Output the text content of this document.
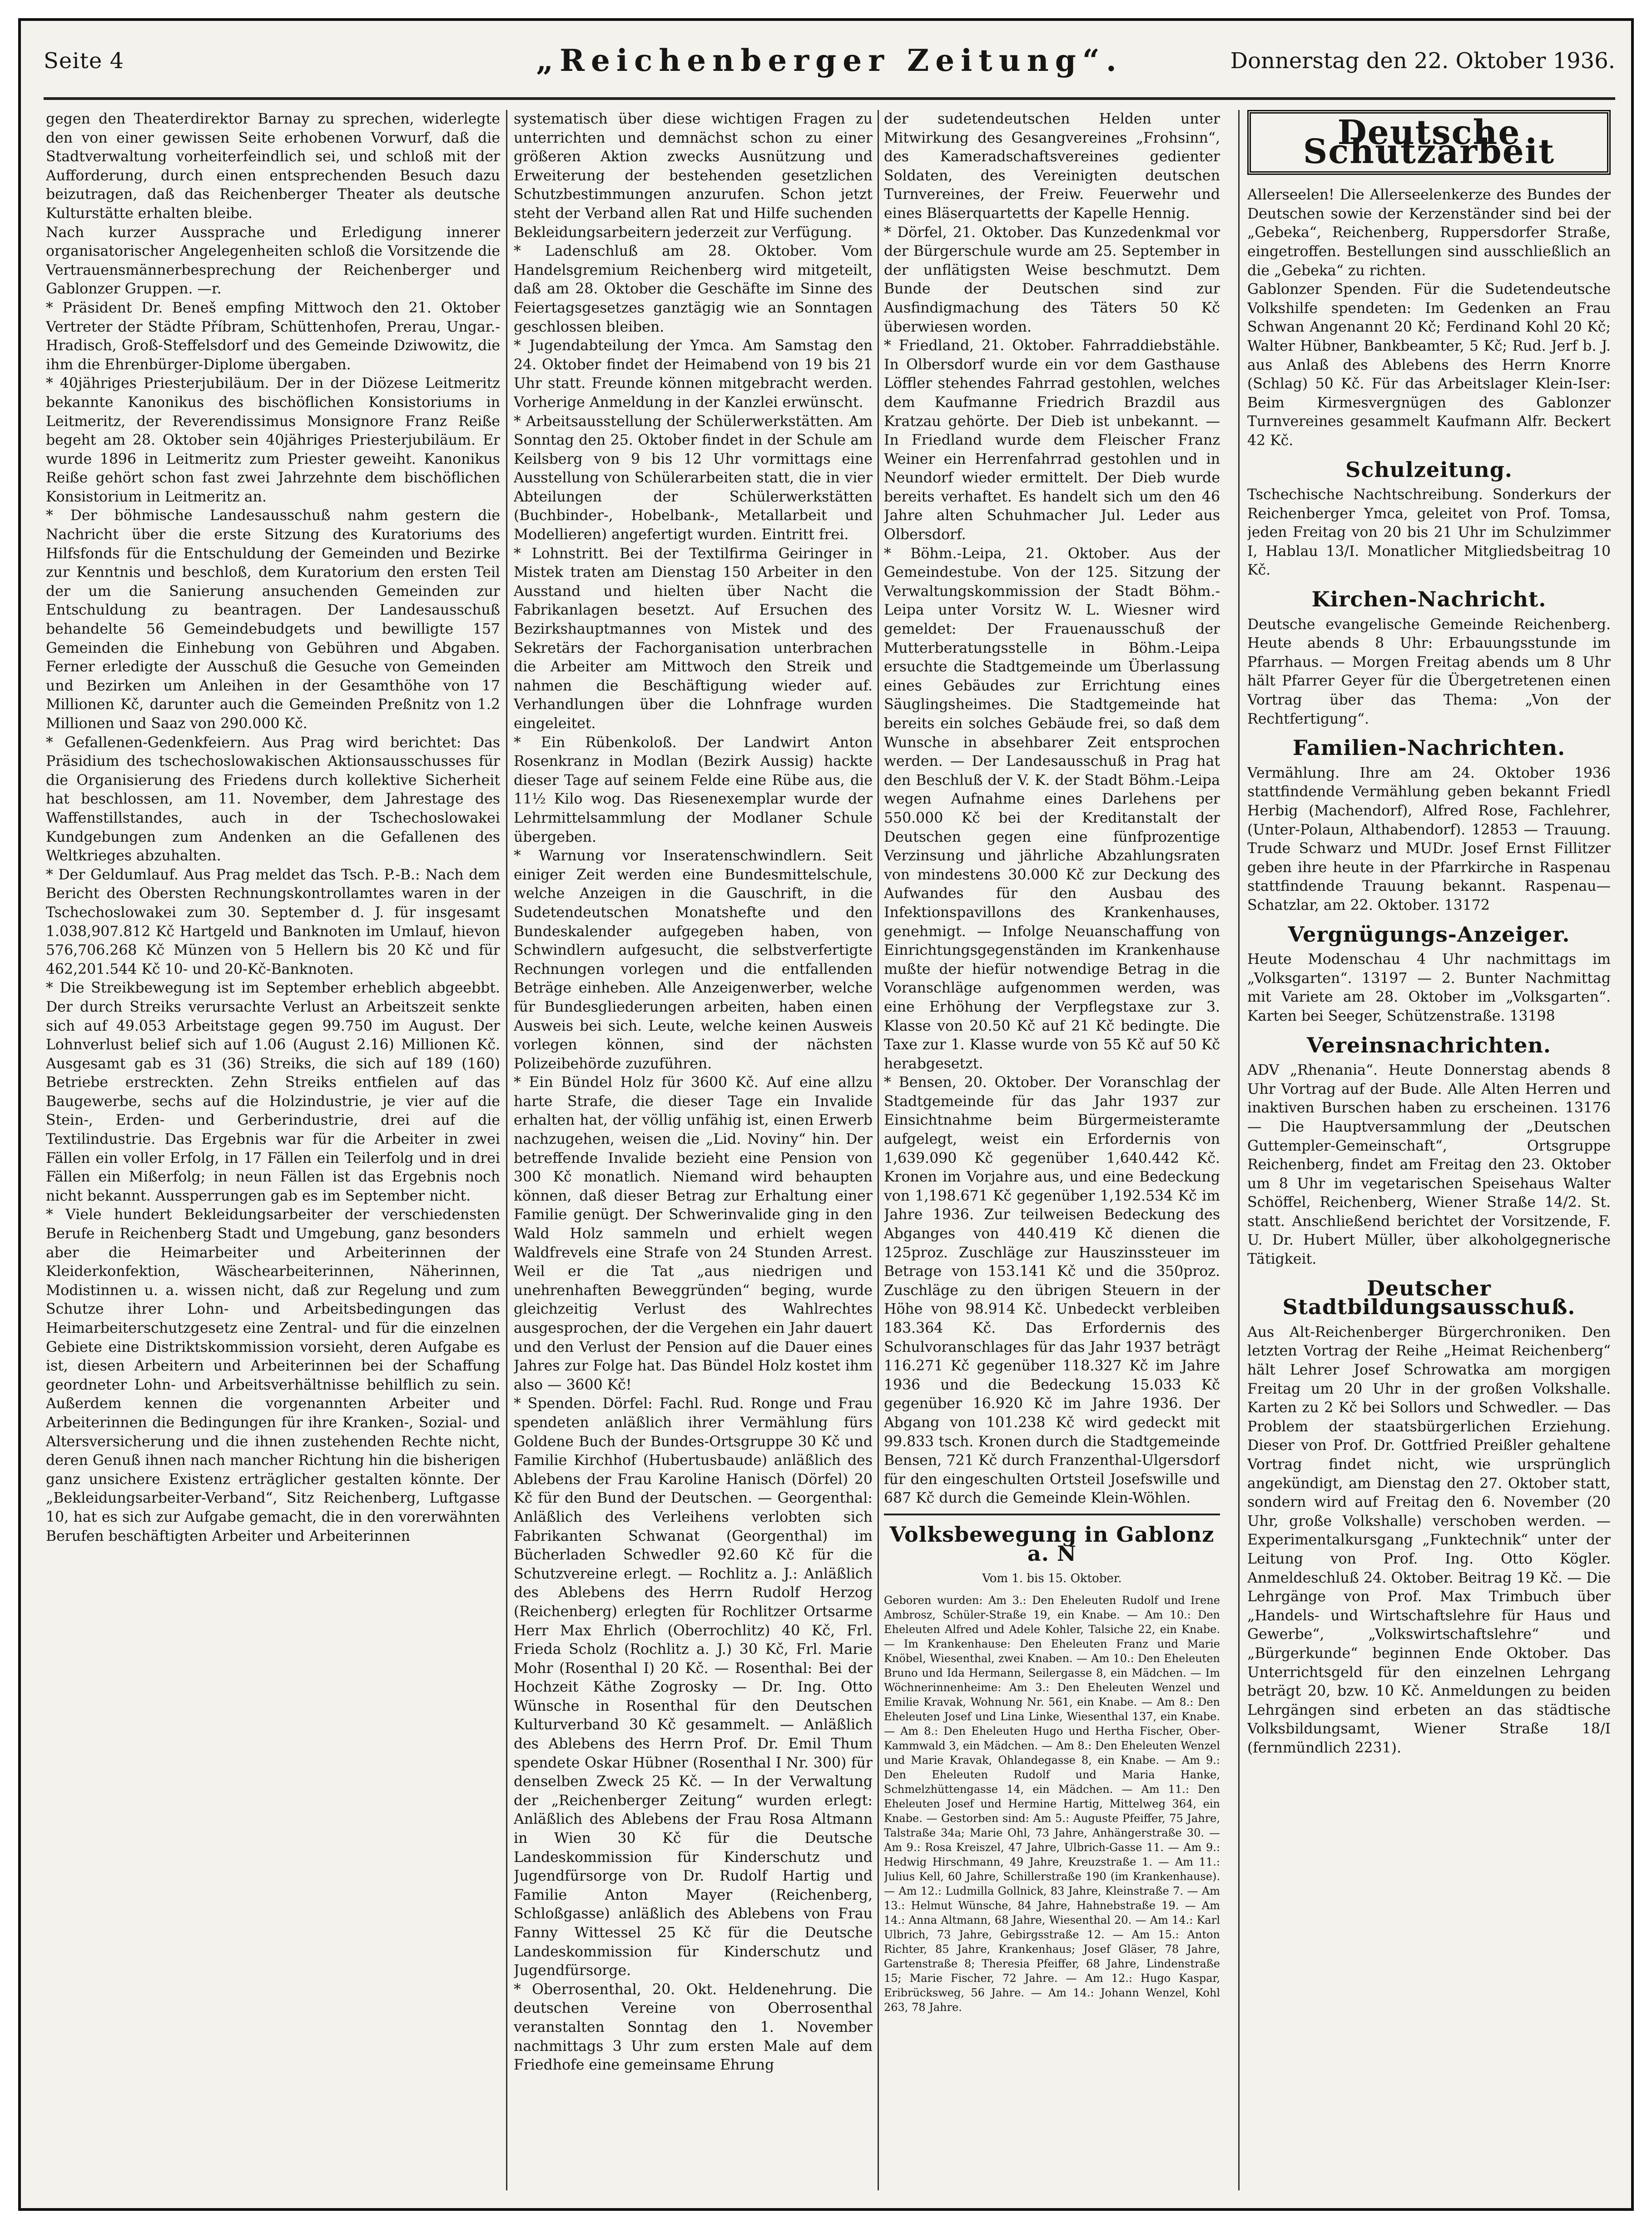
Seite 4	„Reichenberger Zeitung“.	Donnerstag den 22. Oktober 1936.

gegen den Theaterdirektor Barnay zu sprechen, widerlegte den von einer gewissen Seite erhobenen Vorwurf, daß die Stadtverwaltung vorheiterfeindlich sei, und schloß mit der Aufforderung, durch einen entsprechenden Besuch dazu beizutragen, daß das Reichenberger Theater als deutsche Kulturstätte erhalten bleibe.

Nach kurzer Aussprache und Erledigung innerer organisatorischer Angelegenheiten schloß die Vorsitzende die Vertrauensmännerbesprechung der Reichenberger und Gablonzer Gruppen. —r.

* Präsident Dr. Beneš empfing Mittwoch den 21. Oktober Vertreter der Städte Příbram, Schüttenhofen, Prerau, Ungar.-Hradisch, Groß-Steffelsdorf und des Gemeinde Dziwowitz, die ihm die Ehrenbürger-Diplome übergaben.

* 40jähriges Priesterjubiläum. Der in der Diözese Leitmeritz bekannte Kanonikus des bischöflichen Konsistoriums in Leitmeritz, der Reverendissimus Monsignore Franz Reiße begeht am 28. Oktober sein 40jähriges Priesterjubiläum. Er wurde 1896 in Leitmeritz zum Priester geweiht. Kanonikus Reiße gehört schon fast zwei Jahrzehnte dem bischöflichen Konsistorium in Leitmeritz an.

* Der böhmische Landesausschuß nahm gestern die Nachricht über die erste Sitzung des Kuratoriums des Hilfsfonds für die Entschuldung der Gemeinden und Bezirke zur Kenntnis und beschloß, dem Kuratorium den ersten Teil der um die Sanierung ansuchenden Gemeinden zur Entschuldung zu beantragen. Der Landesausschuß behandelte 56 Gemeindebudgets und bewilligte 157 Gemeinden die Einhebung von Gebühren und Abgaben. Ferner erledigte der Ausschuß die Gesuche von Gemeinden und Bezirken um Anleihen in der Gesamthöhe von 17 Millionen Kč, darunter auch die Gemeinden Preßnitz von 1.2 Millionen und Saaz von 290.000 Kč.

* Gefallenen-Gedenkfeiern. Aus Prag wird berichtet: Das Präsidium des tschechoslowakischen Aktionsausschusses für die Organisierung des Friedens durch kollektive Sicherheit hat beschlossen, am 11. November, dem Jahrestage des Waffenstillstandes, auch in der Tschechoslowakei Kundgebungen zum Andenken an die Gefallenen des Weltkrieges abzuhalten.

* Der Geldumlauf. Aus Prag meldet das Tsch. P.-B.: Nach dem Bericht des Obersten Rechnungskontrollamtes waren in der Tschechoslowakei zum 30. September d. J. für insgesamt 1.038,907.812 Kč Hartgeld und Banknoten im Umlauf, hievon 576,706.268 Kč Münzen von 5 Hellern bis 20 Kč und für 462,201.544 Kč 10- und 20-Kč-Banknoten.

* Die Streikbewegung ist im September erheblich abgeebbt. Der durch Streiks verursachte Verlust an Arbeitszeit senkte sich auf 49.053 Arbeitstage gegen 99.750 im August. Der Lohnverlust belief sich auf 1.06 (August 2.16) Millionen Kč. Ausgesamt gab es 31 (36) Streiks, die sich auf 189 (160) Betriebe erstreckten. Zehn Streiks entfielen auf das Baugewerbe, sechs auf die Holzindustrie, je vier auf die Stein-, Erden- und Gerberindustrie, drei auf die Textilindustrie. Das Ergebnis war für die Arbeiter in zwei Fällen ein voller Erfolg, in 17 Fällen ein Teilerfolg und in drei Fällen ein Mißerfolg; in neun Fällen ist das Ergebnis noch nicht bekannt. Aussperrungen gab es im September nicht.

* Viele hundert Bekleidungsarbeiter der verschiedensten Berufe in Reichenberg Stadt und Umgebung, ganz besonders aber die Heimarbeiter und Arbeiterinnen der Kleiderkonfektion, Wäschearbeiterinnen, Näherinnen, Modistinnen u. a. wissen nicht, daß zur Regelung und zum Schutze ihrer Lohn- und Arbeitsbedingungen das Heimarbeiterschutzgesetz eine Zentral- und für die einzelnen Gebiete eine Distriktskommission vorsieht, deren Aufgabe es ist, diesen Arbeitern und Arbeiterinnen bei der Schaffung geordneter Lohn- und Arbeitsverhältnisse behilflich zu sein. Außerdem kennen die vorgenannten Arbeiter und Arbeiterinnen die Bedingungen für ihre Kranken-, Sozial- und Altersversicherung und die ihnen zustehenden Rechte nicht, deren Genuß ihnen nach mancher Richtung hin die bisherigen ganz unsichere Existenz erträglicher gestalten könnte. Der „Bekleidungsarbeiter-Verband“, Sitz Reichenberg, Luftgasse 10, hat es sich zur Aufgabe gemacht, die in den vorerwähnten Berufen beschäftigten Arbeiter und Arbeiterinnen

systematisch über diese wichtigen Fragen zu unterrichten und demnächst schon zu einer größeren Aktion zwecks Ausnützung und Erweiterung der bestehenden gesetzlichen Schutzbestimmungen anzurufen. Schon jetzt steht der Verband allen Rat und Hilfe suchenden Bekleidungsarbeitern jederzeit zur Verfügung.

* Ladenschluß am 28. Oktober. Vom Handelsgremium Reichenberg wird mitgeteilt, daß am 28. Oktober die Geschäfte im Sinne des Feiertagsgesetzes ganztägig wie an Sonntagen geschlossen bleiben.

* Jugendabteilung der Ymca. Am Samstag den 24. Oktober findet der Heimabend von 19 bis 21 Uhr statt. Freunde können mitgebracht werden. Vorherige Anmeldung in der Kanzlei erwünscht.

* Arbeitsausstellung der Schülerwerkstätten. Am Sonntag den 25. Oktober findet in der Schule am Keilsberg von 9 bis 12 Uhr vormittags eine Ausstellung von Schülerarbeiten statt, die in vier Abteilungen der Schülerwerkstätten (Buchbinder-, Hobelbank-, Metallarbeit und Modellieren) angefertigt wurden. Eintritt frei.

* Lohnstritt. Bei der Textilfirma Geiringer in Mistek traten am Dienstag 150 Arbeiter in den Ausstand und hielten über Nacht die Fabrikanlagen besetzt. Auf Ersuchen des Bezirkshauptmannes von Mistek und des Sekretärs der Fachorganisation unterbrachen die Arbeiter am Mittwoch den Streik und nahmen die Beschäftigung wieder auf. Verhandlungen über die Lohnfrage wurden eingeleitet.

* Ein Rübenkoloß. Der Landwirt Anton Rosenkranz in Modlan (Bezirk Aussig) hackte dieser Tage auf seinem Felde eine Rübe aus, die 11½ Kilo wog. Das Riesenexemplar wurde der Lehrmittelsammlung der Modlaner Schule übergeben.

* Warnung vor Inseratenschwindlern. Seit einiger Zeit werden eine Bundesmittelschule, welche Anzeigen in die Gauschrift, in die Sudetendeutschen Monatshefte und den Bundeskalender aufgegeben haben, von Schwindlern aufgesucht, die selbstverfertigte Rechnungen vorlegen und die entfallenden Beträge einheben. Alle Anzeigenwerber, welche für Bundesgliederungen arbeiten, haben einen Ausweis bei sich. Leute, welche keinen Ausweis vorlegen können, sind der nächsten Polizeibehörde zuzuführen.

* Ein Bündel Holz für 3600 Kč. Auf eine allzu harte Strafe, die dieser Tage ein Invalide erhalten hat, der völlig unfähig ist, einen Erwerb nachzugehen, weisen die „Lid. Noviny“ hin. Der betreffende Invalide bezieht eine Pension von 300 Kč monatlich. Niemand wird behaupten können, daß dieser Betrag zur Erhaltung einer Familie genügt. Der Schwerinvalide ging in den Wald Holz sammeln und erhielt wegen Waldfrevels eine Strafe von 24 Stunden Arrest. Weil er die Tat „aus niedrigen und unehrenhaften Beweggründen“ beging, wurde gleichzeitig Verlust des Wahlrechtes ausgesprochen, der die Vergehen ein Jahr dauert und den Verlust der Pension auf die Dauer eines Jahres zur Folge hat. Das Bündel Holz kostet ihm also — 3600 Kč!

* Spenden. Dörfel: Fachl. Rud. Ronge und Frau spendeten anläßlich ihrer Vermählung fürs Goldene Buch der Bundes-Ortsgruppe 30 Kč und Familie Kirchhof (Hubertusbaude) anläßlich des Ablebens der Frau Karoline Hanisch (Dörfel) 20 Kč für den Bund der Deutschen. — Georgenthal: Anläßlich des Verleihens verlobten sich Fabrikanten Schwanat (Georgenthal) im Bücherladen Schwedler 92.60 Kč für die Schutzvereine erlegt. — Rochlitz a. J.: Anläßlich des Ablebens des Herrn Rudolf Herzog (Reichenberg) erlegten für Rochlitzer Ortsarme Herr Max Ehrlich (Oberrochlitz) 40 Kč, Frl. Frieda Scholz (Rochlitz a. J.) 30 Kč, Frl. Marie Mohr (Rosenthal I) 20 Kč. — Rosenthal: Bei der Hochzeit Käthe Zogrosky — Dr. Ing. Otto Wünsche in Rosenthal für den Deutschen Kulturverband 30 Kč gesammelt. — Anläßlich des Ablebens des Herrn Prof. Dr. Emil Thum spendete Oskar Hübner (Rosenthal I Nr. 300) für denselben Zweck 25 Kč. — In der Verwaltung der „Reichenberger Zeitung“ wurden erlegt: Anläßlich des Ablebens der Frau Rosa Altmann in Wien 30 Kč für die Deutsche Landeskommission für Kinderschutz und Jugendfürsorge von Dr. Rudolf Hartig und Familie Anton Mayer (Reichenberg, Schloßgasse) anläßlich des Ablebens von Frau Fanny Wittessel 25 Kč für die Deutsche Landeskommission für Kinderschutz und Jugendfürsorge.

* Oberrosenthal, 20. Okt. Heldenehrung. Die deutschen Vereine von Oberrosenthal veranstalten Sonntag den 1. November nachmittags 3 Uhr zum ersten Male auf dem Friedhofe eine gemeinsame Ehrung

der sudetendeutschen Helden unter Mitwirkung des Gesangvereines „Frohsinn“, des Kameradschaftsvereines gedienter Soldaten, des Vereinigten deutschen Turnvereines, der Freiw. Feuerwehr und eines Bläserquartetts der Kapelle Hennig.

* Dörfel, 21. Oktober. Das Kunzedenkmal vor der Bürgerschule wurde am 25. September in der unflätigsten Weise beschmutzt. Dem Bunde der Deutschen sind zur Ausfindigmachung des Täters 50 Kč überwiesen worden.

* Friedland, 21. Oktober. Fahrraddiebstähle. In Olbersdorf wurde ein vor dem Gasthause Löffler stehendes Fahrrad gestohlen, welches dem Kaufmanne Friedrich Brazdil aus Kratzau gehörte. Der Dieb ist unbekannt. — In Friedland wurde dem Fleischer Franz Weiner ein Herrenfahrrad gestohlen und in Neundorf wieder ermittelt. Der Dieb wurde bereits verhaftet. Es handelt sich um den 46 Jahre alten Schuhmacher Jul. Leder aus Olbersdorf.

* Böhm.-Leipa, 21. Oktober. Aus der Gemeindestube. Von der 125. Sitzung der Verwaltungskommission der Stadt Böhm.-Leipa unter Vorsitz W. L. Wiesner wird gemeldet: Der Frauenausschuß der Mutterberatungsstelle in Böhm.-Leipa ersuchte die Stadtgemeinde um Überlassung eines Gebäudes zur Errichtung eines Säuglingsheimes. Die Stadtgemeinde hat bereits ein solches Gebäude frei, so daß dem Wunsche in absehbarer Zeit entsprochen werden. — Der Landesausschuß in Prag hat den Beschluß der V. K. der Stadt Böhm.-Leipa wegen Aufnahme eines Darlehens per 550.000 Kč bei der Kreditanstalt der Deutschen gegen eine fünfprozentige Verzinsung und jährliche Abzahlungsraten von mindestens 30.000 Kč zur Deckung des Aufwandes für den Ausbau des Infektionspavillons des Krankenhauses, genehmigt. — Infolge Neuanschaffung von Einrichtungsgegenständen im Krankenhause mußte der hiefür notwendige Betrag in die Voranschläge aufgenommen werden, was eine Erhöhung der Verpflegstaxe zur 3. Klasse von 20.50 Kč auf 21 Kč bedingte. Die Taxe zur 1. Klasse wurde von 55 Kč auf 50 Kč herabgesetzt.

* Bensen, 20. Oktober. Der Voranschlag der Stadtgemeinde für das Jahr 1937 zur Einsichtnahme beim Bürgermeisteramte aufgelegt, weist ein Erfordernis von 1,639.090 Kč gegenüber 1,640.442 Kč. Kronen im Vorjahre aus, und eine Bedeckung von 1,198.671 Kč gegenüber 1,192.534 Kč im Jahre 1936. Zur teilweisen Bedeckung des Abganges von 440.419 Kč dienen die 125proz. Zuschläge zur Hauszinssteuer im Betrage von 153.141 Kč und die 350proz. Zuschläge zu den übrigen Steuern in der Höhe von 98.914 Kč. Unbedeckt verbleiben 183.364 Kč. Das Erfordernis des Schulvoranschlages für das Jahr 1937 beträgt 116.271 Kč gegenüber 118.327 Kč im Jahre 1936 und die Bedeckung 15.033 Kč gegenüber 16.920 Kč im Jahre 1936. Der Abgang von 101.238 Kč wird gedeckt mit 99.833 tsch. Kronen durch die Stadtgemeinde Bensen, 721 Kč durch Franzenthal-Ulgersdorf für den eingeschulten Ortsteil Josefswille und 687 Kč durch die Gemeinde Klein-Wöhlen.

Volksbewegung in Gablonz a. N
Vom 1. bis 15. Oktober.

Geboren wurden: Am 3.: Den Eheleuten Rudolf und Irene Ambrosz, Schüler-Straße 19, ein Knabe. — Am 10.: Den Eheleuten Alfred und Adele Kohler, Talsiche 22, ein Knabe. — Im Krankenhause: Den Eheleuten Franz und Marie Knöbel, Wiesenthal, zwei Knaben. — Am 10.: Den Eheleuten Bruno und Ida Hermann, Seilergasse 8, ein Mädchen. — Im Wöchnerinnenheime: Am 3.: Den Eheleuten Wenzel und Emilie Kravak, Wohnung Nr. 561, ein Knabe. — Am 8.: Den Eheleuten Josef und Lina Linke, Wiesenthal 137, ein Knabe. — Am 8.: Den Eheleuten Hugo und Hertha Fischer, Ober-Kammwald 3, ein Mädchen. — Am 8.: Den Eheleuten Wenzel und Marie Kravak, Ohlandegasse 8, ein Knabe. — Am 9.: Den Eheleuten Rudolf und Maria Hanke, Schmelzhüttengasse 14, ein Mädchen. — Am 11.: Den Eheleuten Josef und Hermine Hartig, Mittelweg 364, ein Knabe. — Gestorben sind: Am 5.: Auguste Pfeiffer, 75 Jahre, Talstraße 34a; Marie Ohl, 73 Jahre, Anhängerstraße 30. — Am 9.: Rosa Kreiszel, 47 Jahre, Ulbrich-Gasse 11. — Am 9.: Hedwig Hirschmann, 49 Jahre, Kreuzstraße 1. — Am 11.: Julius Kell, 60 Jahre, Schillerstraße 190 (im Krankenhause). — Am 12.: Ludmilla Gollnick, 83 Jahre, Kleinstraße 7. — Am 13.: Helmut Wünsche, 84 Jahre, Hahnebstraße 19. — Am 14.: Anna Altmann, 68 Jahre, Wiesenthal 20. — Am 14.: Karl Ulbrich, 73 Jahre, Gebirgsstraße 12. — Am 15.: Anton Richter, 85 Jahre, Krankenhaus; Josef Gläser, 78 Jahre, Gartenstraße 8; Theresia Pfeiffer, 68 Jahre, Lindenstraße 15; Marie Fischer, 72 Jahre. — Am 12.: Hugo Kaspar, Eribrücksweg, 56 Jahre. — Am 14.: Johann Wenzel, Kohl 263, 78 Jahre.

Deutsche Schutzarbeit

Allerseelen! Die Allerseelenkerze des Bundes der Deutschen sowie der Kerzenständer sind bei der „Gebeka“, Reichenberg, Ruppersdorfer Straße, eingetroffen. Bestellungen sind ausschließlich an die „Gebeka“ zu richten.

Gablonzer Spenden. Für die Sudetendeutsche Volkshilfe spendeten: Im Gedenken an Frau Schwan Angenannt 20 Kč; Ferdinand Kohl 20 Kč; Walter Hübner, Bankbeamter, 5 Kč; Rud. Jerf b. J. aus Anlaß des Ablebens des Herrn Knorre (Schlag) 50 Kč. Für das Arbeitslager Klein-Iser: Beim Kirmesvergnügen des Gablonzer Turnvereines gesammelt Kaufmann Alfr. Beckert 42 Kč.

Schulzeitung.

Tschechische Nachtschreibung. Sonderkurs der Reichenberger Ymca, geleitet von Prof. Tomsa, jeden Freitag von 20 bis 21 Uhr im Schulzimmer I, Hablau 13/I. Monatlicher Mitgliedsbeitrag 10 Kč.

Kirchen-Nachricht.

Deutsche evangelische Gemeinde Reichenberg. Heute abends 8 Uhr: Erbauungsstunde im Pfarrhaus. — Morgen Freitag abends um 8 Uhr hält Pfarrer Geyer für die Übergetretenen einen Vortrag über das Thema: „Von der Rechtfertigung“.

Familien-Nachrichten.

Vermählung. Ihre am 24. Oktober 1936 stattfindende Vermählung geben bekannt Friedl Herbig (Machendorf), Alfred Rose, Fachlehrer, (Unter-Polaun, Althabendorf). 12853 — Trauung. Trude Schwarz und MUDr. Josef Ernst Fillitzer geben ihre heute in der Pfarrkirche in Raspenau stattfindende Trauung bekannt. Raspenau—Schatzlar, am 22. Oktober. 13172

Vergnügungs-Anzeiger.

Heute Modenschau 4 Uhr nachmittags im „Volksgarten“. 13197 — 2. Bunter Nachmittag mit Variete am 28. Oktober im „Volksgarten“. Karten bei Seeger, Schützenstraße. 13198

Vereinsnachrichten.

ADV „Rhenania“. Heute Donnerstag abends 8 Uhr Vortrag auf der Bude. Alle Alten Herren und inaktiven Burschen haben zu erscheinen. 13176 — Die Hauptversammlung der „Deutschen Guttempler-Gemeinschaft“, Ortsgruppe Reichenberg, findet am Freitag den 23. Oktober um 8 Uhr im vegetarischen Speisehaus Walter Schöffel, Reichenberg, Wiener Straße 14/2. St. statt. Anschließend berichtet der Vorsitzende, F. U. Dr. Hubert Müller, über alkoholgegnerische Tätigkeit.

Deutscher Stadtbildungsausschuß.

Aus Alt-Reichenberger Bürgerchroniken. Den letzten Vortrag der Reihe „Heimat Reichenberg“ hält Lehrer Josef Schrowatka am morgigen Freitag um 20 Uhr in der großen Volkshalle. Karten zu 2 Kč bei Sollors und Schwedler. — Das Problem der staatsbürgerlichen Erziehung. Dieser von Prof. Dr. Gottfried Preißler gehaltene Vortrag findet nicht, wie ursprünglich angekündigt, am Dienstag den 27. Oktober statt, sondern wird auf Freitag den 6. November (20 Uhr, große Volkshalle) verschoben werden. — Experimentalkursgang „Funktechnik“ unter der Leitung von Prof. Ing. Otto Kögler. Anmeldeschluß 24. Oktober. Beitrag 19 Kč. — Die Lehrgänge von Prof. Max Trimbuch über „Handels- und Wirtschaftslehre für Haus und Gewerbe“, „Volkswirtschaftslehre“ und „Bürgerkunde“ beginnen Ende Oktober. Das Unterrichtsgeld für den einzelnen Lehrgang beträgt 20, bzw. 10 Kč. Anmeldungen zu beiden Lehrgängen sind erbeten an das städtische Volksbildungsamt, Wiener Straße 18/I (fernmündlich 2231).
